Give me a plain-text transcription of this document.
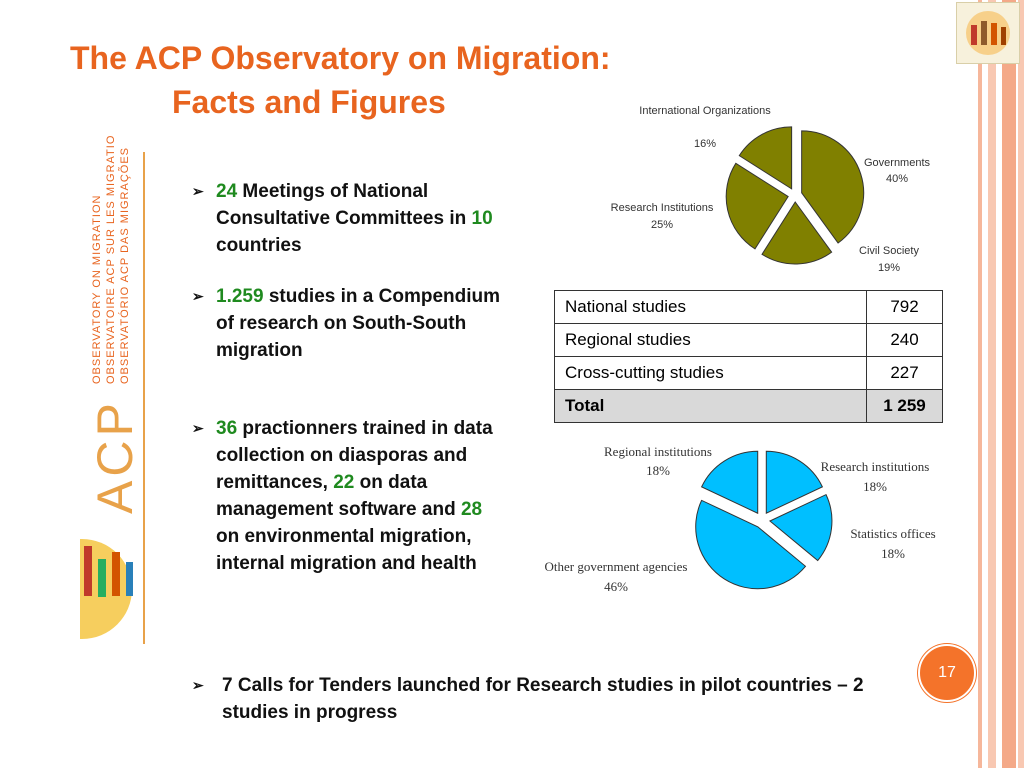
The ACP Observatory on Migration:
Facts and Figures
OBSERVATORY ON MIGRATION OBSERVATOIRE ACP SUR LES MIGRATIONS OBSERVATÓRIO ACP DAS MIGRAÇÕES
ACP
➢ 24 Meetings of National Consultative Committees in 10 countries
➢ 1.259 studies in a Compendium of research on South-South migration
➢ 36 practionners trained in data collection on diasporas and remittances, 22 on data management software and 28 on environmental migration, internal migration and health
➢ 7 Calls for Tenders launched for Research studies in pilot countries – 2 studies in progress
International Organizations
16%
Governments
40%
Research Institutions
25%
Civil Society
19%
National studies	792
Regional studies	240
Cross-cutting studies	227
Total	1 259
Regional institutions
18%	Research institutions
18%
Statistics offices
18%
Other government agencies
46%
17
